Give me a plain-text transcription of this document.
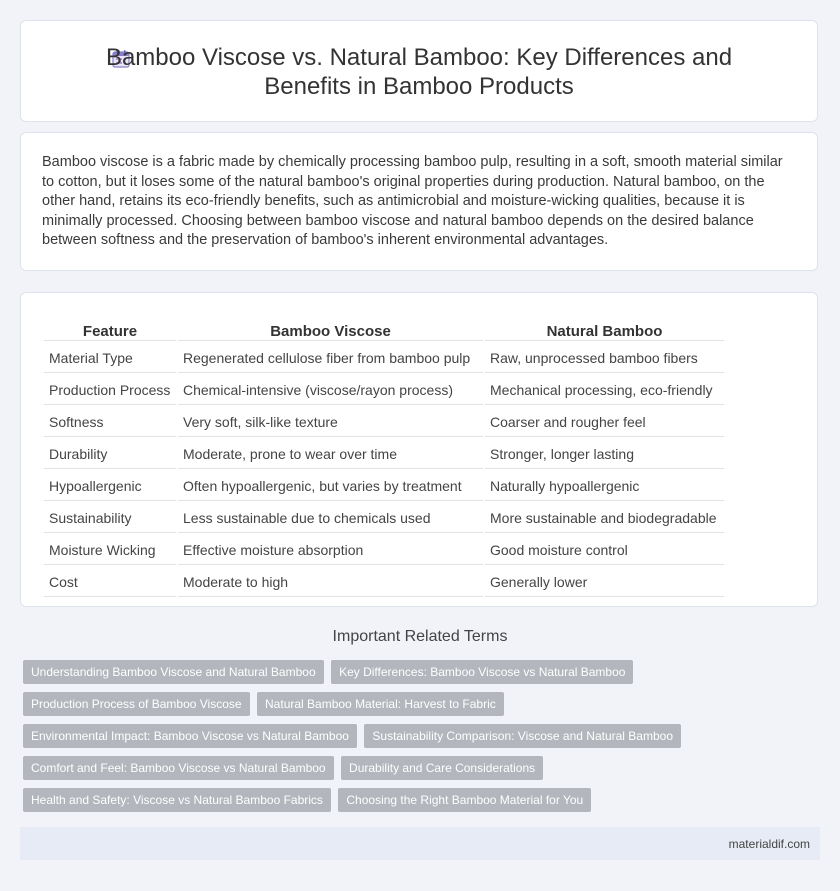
Bamboo Viscose vs. Natural Bamboo: Key Differences and
Benefits in Bamboo Products

Bamboo viscose is a fabric made by chemically processing bamboo pulp, resulting in a soft, smooth material similar to cotton, but it loses some of the natural bamboo's original properties during production. Natural bamboo, on the other hand, retains its eco-friendly benefits, such as antimicrobial and moisture-wicking qualities, because it is minimally processed. Choosing between bamboo viscose and natural bamboo depends on the desired balance between softness and the preservation of bamboo's inherent environmental advantages.

Feature	Bamboo Viscose	Natural Bamboo
Material Type	Regenerated cellulose fiber from bamboo pulp	Raw, unprocessed bamboo fibers
Production Process	Chemical-intensive (viscose/rayon process)	Mechanical processing, eco-friendly
Softness	Very soft, silk-like texture	Coarser and rougher feel
Durability	Moderate, prone to wear over time	Stronger, longer lasting
Hypoallergenic	Often hypoallergenic, but varies by treatment	Naturally hypoallergenic
Sustainability	Less sustainable due to chemicals used	More sustainable and biodegradable
Moisture Wicking	Effective moisture absorption	Good moisture control
Cost	Moderate to high	Generally lower
Important Related Terms
Understanding Bamboo Viscose and Natural Bamboo Key Differences: Bamboo Viscose vs Natural Bamboo Production Process of Bamboo Viscose Natural Bamboo Material: Harvest to Fabric Environmental Impact: Bamboo Viscose vs Natural Bamboo Sustainability Comparison: Viscose and Natural Bamboo Comfort and Feel: Bamboo Viscose vs Natural Bamboo Durability and Care Considerations Health and Safety: Viscose vs Natural Bamboo Fabrics Choosing the Right Bamboo Material for You
materialdif.com
